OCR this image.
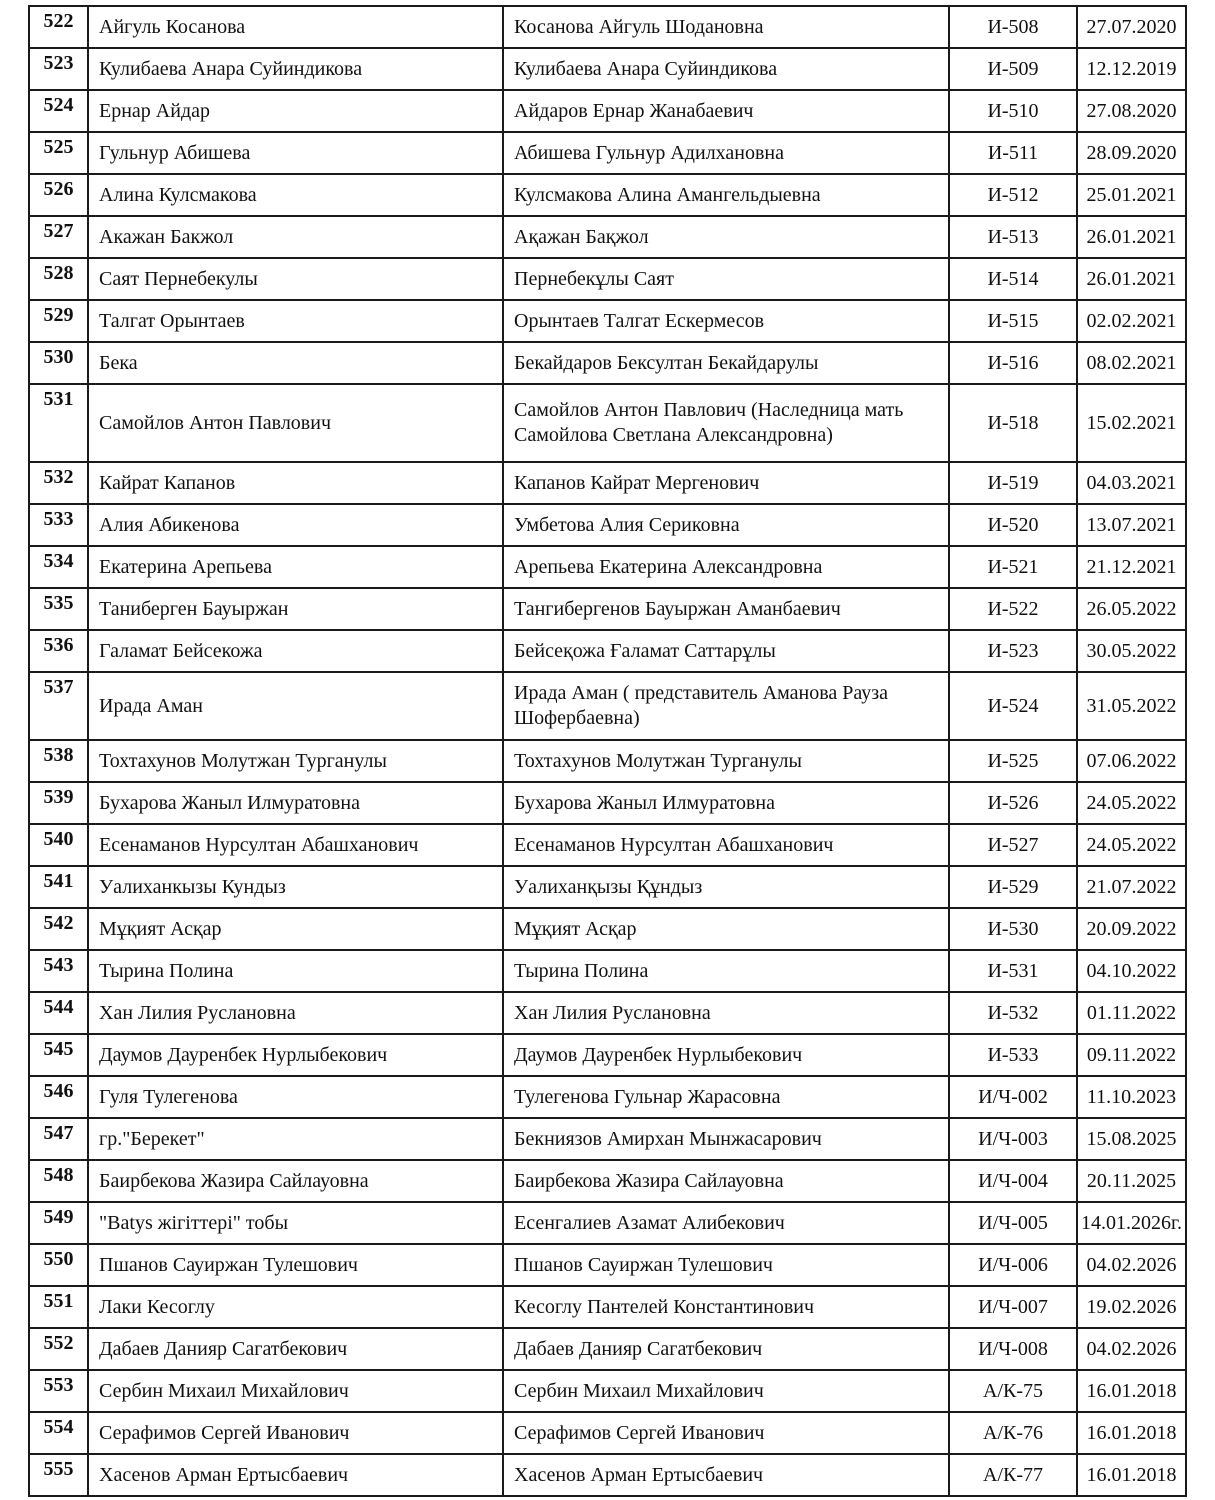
522	Айгуль Косанова	Косанова Айгуль Шодановна	И-508	27.07.2020
523	Кулибаева Анара Суйиндикова	Кулибаева Анара Суйиндикова	И-509	12.12.2019
524	Ернар Айдар	Айдаров Ернар Жанабаевич	И-510	27.08.2020
525	Гульнур Абишева	Абишева Гульнур Адилхановна	И-511	28.09.2020
526	Алина Кулсмакова	Кулсмакова Алина Амангельдыевна	И-512	25.01.2021
527	Акажан Бакжол	Ақажан Бақжол	И-513	26.01.2021
528	Саят Пернебекулы	Пернебекұлы Саят	И-514	26.01.2021
529	Талгат Орынтаев	Орынтаев Талгат Ескермесов	И-515	02.02.2021
530	Бека	Бекайдаров Бексултан Бекайдарулы	И-516	08.02.2021
531	Самойлов Антон Павлович	Самойлов Антон Павлович (Наследница мать Самойлова Светлана Александровна)	И-518	15.02.2021
532	Кайрат Капанов	Капанов Кайрат Мергенович	И-519	04.03.2021
533	Алия Абикенова	Умбетова Алия Сериковна	И-520	13.07.2021
534	Екатерина Арепьева	Арепьева Екатерина Александровна	И-521	21.12.2021
535	Таниберген Бауыржан	Тангибергенов Бауыржан Аманбаевич	И-522	26.05.2022
536	Галамат Бейсекожа	Бейсеқожа Ғаламат Саттарұлы	И-523	30.05.2022
537	Ирада Аман	Ирада Аман ( представитель Аманова Рауза Шофербаевна)	И-524	31.05.2022
538	Тохтахунов Молутжан Турганулы	Тохтахунов Молутжан Турганулы	И-525	07.06.2022
539	Бухарова Жаныл Илмуратовна	Бухарова Жаныл Илмуратовна	И-526	24.05.2022
540	Есенаманов Нурсултан Абашханович	Есенаманов Нурсултан Абашханович	И-527	24.05.2022
541	Уалиханкызы Кундыз	Уалиханқызы Құндыз	И-529	21.07.2022
542	Мұқият Асқар	Мұқият Асқар	И-530	20.09.2022
543	Тырина Полина	Тырина Полина	И-531	04.10.2022
544	Хан Лилия Руслановна	Хан Лилия Руслановна	И-532	01.11.2022
545	Даумов Дауренбек Нурлыбекович	Даумов Дауренбек Нурлыбекович	И-533	09.11.2022
546	Гуля Тулегенова	Тулегенова Гульнар Жарасовна	И/Ч-002	11.10.2023
547	гр."Берекет"	Бекниязов Амирхан Мынжасарович	И/Ч-003	15.08.2025
548	Баирбекова Жазира Сайлауовна	Баирбекова Жазира Сайлауовна	И/Ч-004	20.11.2025
549	"Batys жігіттері" тобы	Есенгалиев Азамат Алибекович	И/Ч-005	14.01.2026г.
550	Пшанов Сауиржан Тулешович	Пшанов Сауиржан Тулешович	И/Ч-006	04.02.2026
551	Лаки Кесоглу	Кесоглу Пантелей Константинович	И/Ч-007	19.02.2026
552	Дабаев Данияр Сагатбекович	Дабаев Данияр Сагатбекович	И/Ч-008	04.02.2026
553	Сербин Михаил Михайлович	Сербин Михаил Михайлович	А/К-75	16.01.2018
554	Серафимов Сергей Иванович	Серафимов Сергей Иванович	А/К-76	16.01.2018
555	Хасенов Арман Ертысбаевич	Хасенов Арман Ертысбаевич	А/К-77	16.01.2018
